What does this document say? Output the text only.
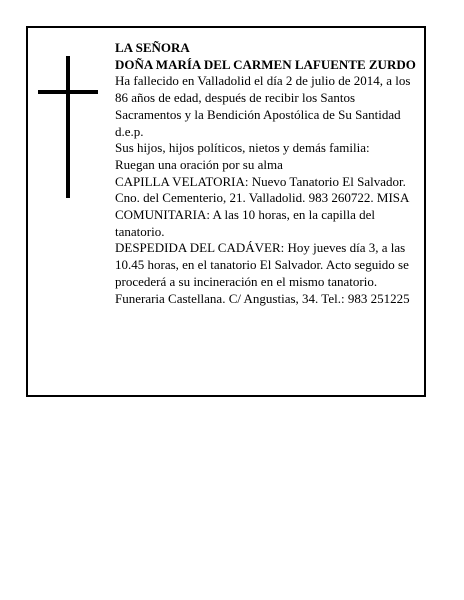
LA SEÑORA
DOÑA MARÍA DEL CARMEN LAFUENTE ZURDO
Ha fallecido en Valladolid el día 2 de julio de 2014, a los 86 años de edad, después de recibir los Santos Sacramentos y la Bendición Apostólica de Su Santidad
d.e.p.
Sus hijos, hijos políticos, nietos y demás familia:
Ruegan una oración por su alma
CAPILLA VELATORIA: Nuevo Tanatorio El Salvador. Cno. del Cementerio, 21. Valladolid. 983 260722. MISA COMUNITARIA: A las 10 horas, en la capilla del tanatorio.
DESPEDIDA DEL CADÁVER: Hoy jueves día 3, a las 10.45 horas, en el tanatorio El Salvador. Acto seguido se procederá a su incineración en el mismo tanatorio.
Funeraria Castellana. C/ Angustias, 34. Tel.: 983 251225
